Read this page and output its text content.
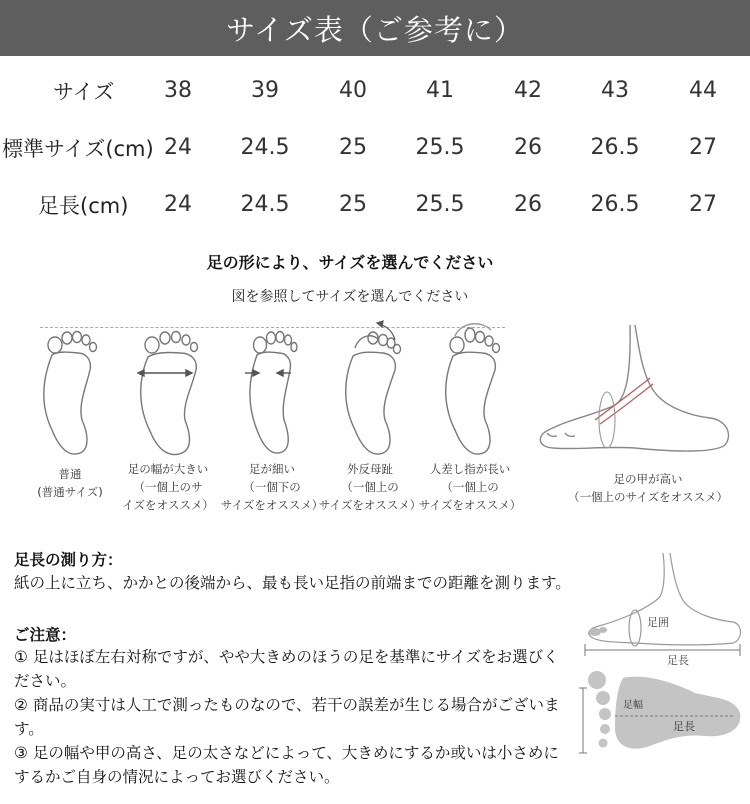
サイズ表（ご参考に）
サイズ	38	39	40	41	42	43	44
標準サイズ(cm) 24	24.5	25	25.5	26	26.5	27
足長(cm)	24	24.5	25	25.5	26	26.5	27
足の形により、サイズを選んでください
図を参照してサイズを選んでください
普通
(普通サイズ)
足の幅が大きい
（一個上のサ
イズをオススメ）
足が細い
（一個下の
サイズをオススメ）
外反母趾
（一個上の
サイズをオススメ）
人差し指が長い
（一個上の
サイズをオススメ）
足の甲が高い
（一個上のサイズをオススメ）
足長の測り方：
紙の上に立ち、かかとの後端から、最も長い足指の前端までの距離を測ります。
ご注意：
① 足はほぼ左右対称ですが、やや大きめのほうの足を基準にサイズをお選びください。
② 商品の実寸は人工で測ったものなので、若干の誤差が生じる場合がございます。
③ 足の幅や甲の高さ、足の太さなどによって、大きめにするか或いは小さめにするかご自身の情況によってお選びください。
足囲
足長
足幅
足長
